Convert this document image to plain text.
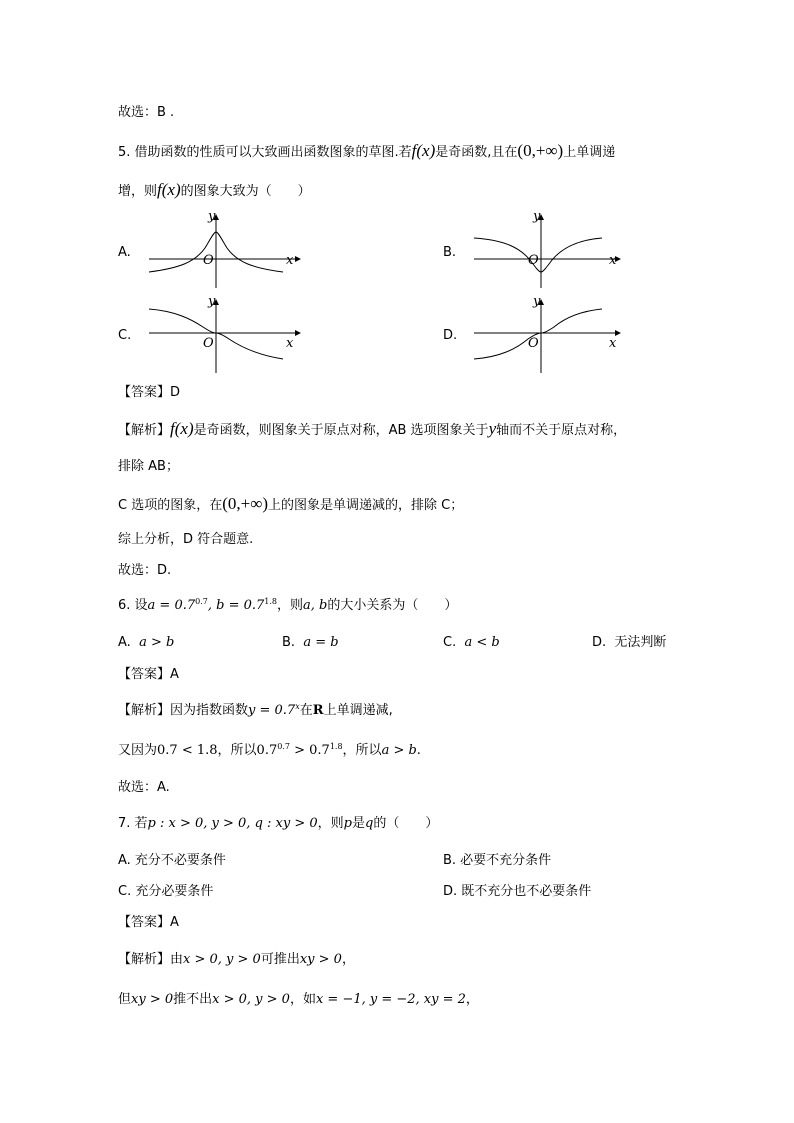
故选：B .
5. 借助函数的性质可以大致画出函数图象的草图.若f(x)是奇函数,且在(0,+∞)上单调递
增，则f(x)的图象大致为（　　）
A.	B.
C.	D.
y
x
O
y
x
O
y
x
O
y
x
O
【答案】D
【解析】f(x)是奇函数，则图象关于原点对称，AB 选项图象关于y轴而不关于原点对称，
排除 AB；
C 选项的图象，在(0,+∞)上的图象是单调递减的，排除 C；
综上分析，D 符合题意.
故选：D.
6. 设$a = 0.7^{0.7}$, $b = 0.7^{1.8}$，则a, b的大小关系为（　　）
A. a > b	B. a = b	C. a < b	D. 无法判断
【答案】A
【解析】因为指数函数$y = 0.7^x$在R上单调递减,
又因为0.7 < 1.8，所以$0.7^{0.7} > 0.7^{1.8}$，所以a > b.
故选：A.
7. 若p : x > 0, y > 0, q : xy > 0，则p是q的（　　）
A. 充分不必要条件	B. 必要不充分条件
C. 充分必要条件	D. 既不充分也不必要条件
【答案】A
【解析】由x > 0, y > 0可推出xy > 0，
但xy > 0推不出x > 0, y > 0，如x = −1, y = −2, xy = 2，
